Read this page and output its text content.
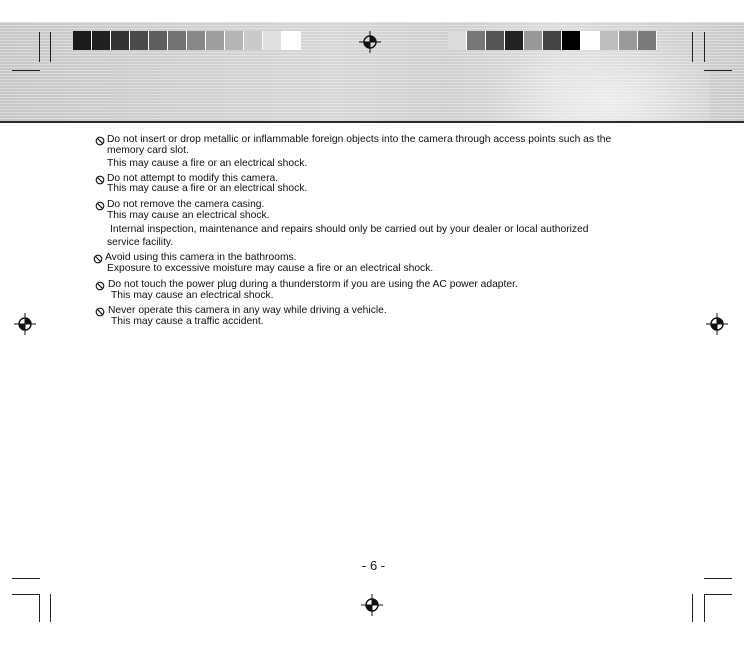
Do not insert or drop metallic or inflammable foreign objects into the camera through access points such as the
memory card slot.
This may cause a fire or an electrical shock.
Do not attempt to modify this camera.
This may cause a fire or an electrical shock.
Do not remove the camera casing.
This may cause an electrical shock.
Internal inspection, maintenance and repairs should only be carried out by your dealer or local authorized
service facility.
Avoid using this camera in the bathrooms.
Exposure to excessive moisture may cause a fire or an electrical shock.
Do not touch the power plug during a thunderstorm if you are using the AC power adapter.
This may cause an electrical shock.
Never operate this camera in any way while driving a vehicle.
This may cause a traffic accident.
- 6 -
